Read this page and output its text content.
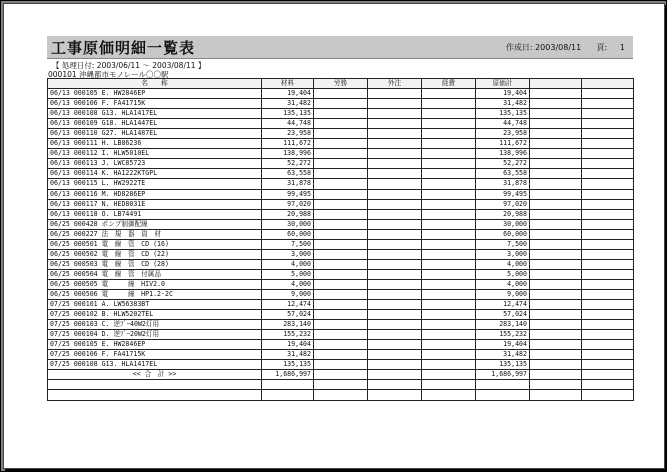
工事原価明細一覧表	作成日: 2003/08/11 頁: 1
【 処理日付: 2003/06/11 ～ 2003/08/11 】
000101 沖縄都市モノレール〇〇駅
名　　称	材料	労務	外注	経費	原価計		
06/13 000105 E. HW2846EP	19,404				19,404		
06/13 000106 F. FA41715K	31,482				31,482		
06/13 000108 G13. HLA1417EL	135,135				135,135		
06/13 000109 G18. HLA1447EL	44,748				44,748		
06/13 000110 G27. HLA1487EL	23,958				23,958		
06/13 000111 H. LB86236	111,672				111,672		
06/13 000112 I. HLW5010EL	138,996				138,996		
06/13 000113 J. LWC85723	52,272				52,272		
06/13 000114 K. HA1222KTGPL	63,558				63,558		
06/13 000115 L. HW2922TE	31,878				31,878		
06/13 000116 M. HD8286EP	99,495				99,495		
06/13 000117 N. HED8031E	97,020				97,020		
06/13 000118 O. LB74491	20,988				20,988		
06/25 000428 ポンプ制御配線	30,000				30,000		
06/25 000227 法　規　器　資　材	60,000				60,000		
06/25 000501 電　線　管　CD (16)	7,500				7,500		
06/25 000502 電　線　管　CD (22)	3,000				3,000		
06/25 000503 電　線　管　CD (28)	4,000				4,000		
06/25 000504 電　線　管　付属品	5,000				5,000		
06/25 000505 電　　　線　HIV2.0	4,000				4,000		
06/25 000506 電　　　線　HP1.2-2C	9,000				9,000		
07/25 000101 A. LW56383BT	12,474				12,474		
07/25 000102 B. HLW5202TEL	57,024				57,024		
07/25 000103 C. 逆ﾌﾞｰ40W2灯用	283,140				283,140		
07/25 000104 D. 逆ﾌﾞｰ20W2灯用	155,232				155,232		
07/25 000105 E. HW2846EP	19,404				19,404		
07/25 000106 F. FA41715K	31,482				31,482		
07/25 000108 G13. HLA1417EL	135,135				135,135		
<< 合　計 >>	1,686,997				1,686,997		
